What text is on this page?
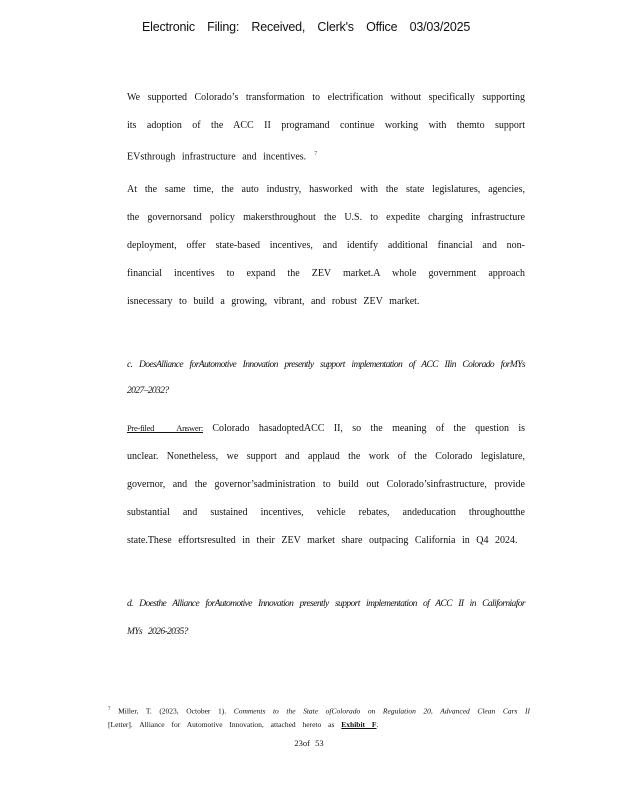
Electronic Filing: Received, Clerk's Office 03/03/2025
We supported Colorado’s transformation to electrification without specifically supporting its adoption of the ACC II programand continue working with themto support EVsthrough infrastructure and incentives. $^7$
At the same time, the auto industry, hasworked with the state legislatures, agencies, the governorsand policy makersthroughout the U.S. to expedite charging infrastructure deployment, offer state-based incentives, and identify additional financial and non-financial incentives to expand the ZEV market.A whole government approach isnecessary to build a growing, vibrant, and robust ZEV market.
c. DoesAlliance forAutomotive Innovation presently support implementation of ACC IIin Colorado forMYs 2027–2032?
Pre-filed Answer: Colorado hasadoptedACC II, so the meaning of the question is unclear. Nonetheless, we support and applaud the work of the Colorado legislature, governor, and the governor’sadministration to build out Colorado’sinfrastructure, provide substantial and sustained incentives, vehicle rebates, andeducation throughoutthe state.These effortsresulted in their ZEV market share outpacing California in Q4 2024.
d. Doesthe Alliance forAutomotive Innovation presently support implementation of ACC II in Californiafor MYs 2026-2035?
$^7$ Miller, T. (2023, October 1). Comments to the State ofColorado on Regulation 20, Advanced Clean Cars II [Letter]. Alliance for Automotive Innovation, attached hereto as Exhibit F.
23of 53
